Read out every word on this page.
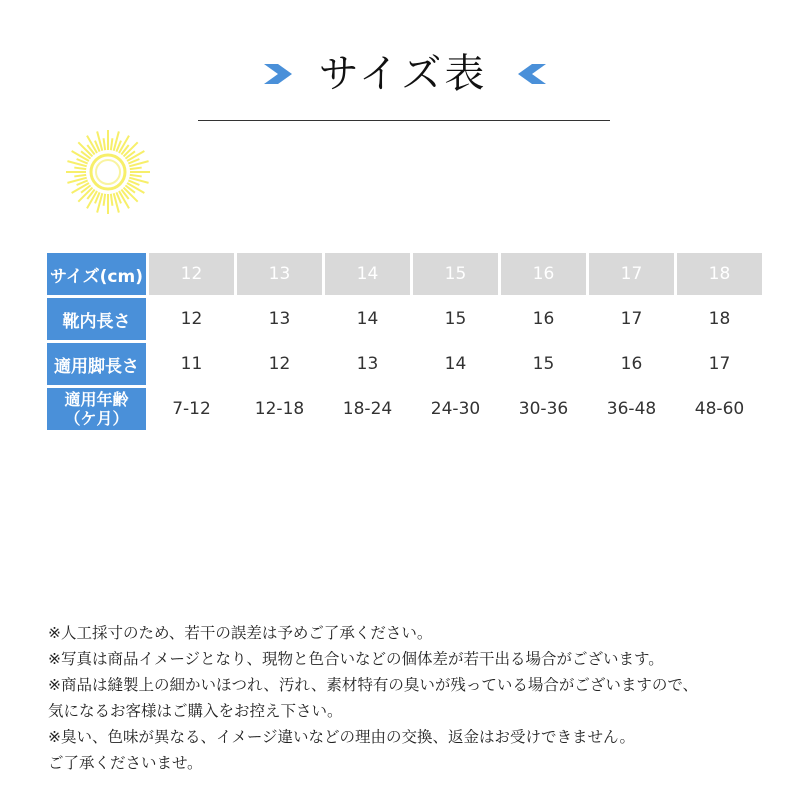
サイズ表
サイズ(cm)	12	13	14	15	16	17	18
靴内長さ	12	13	14	15	16	17	18
適用脚長さ	11	12	13	14	15	16	17

適用年齢
（ケ月）	7-12	12-18	18-24	24-30	30-36	36-48	48-60
※人工採寸のため、若干の誤差は予めご了承ください。
※写真は商品イメージとなり、現物と色合いなどの個体差が若干出る場合がございます。
※商品は縫製上の細かいほつれ、汚れ、素材特有の臭いが残っている場合がございますので、
気になるお客様はご購入をお控え下さい。
※臭い、色味が異なる、イメージ違いなどの理由の交換、返金はお受けできません。
ご了承くださいませ。
